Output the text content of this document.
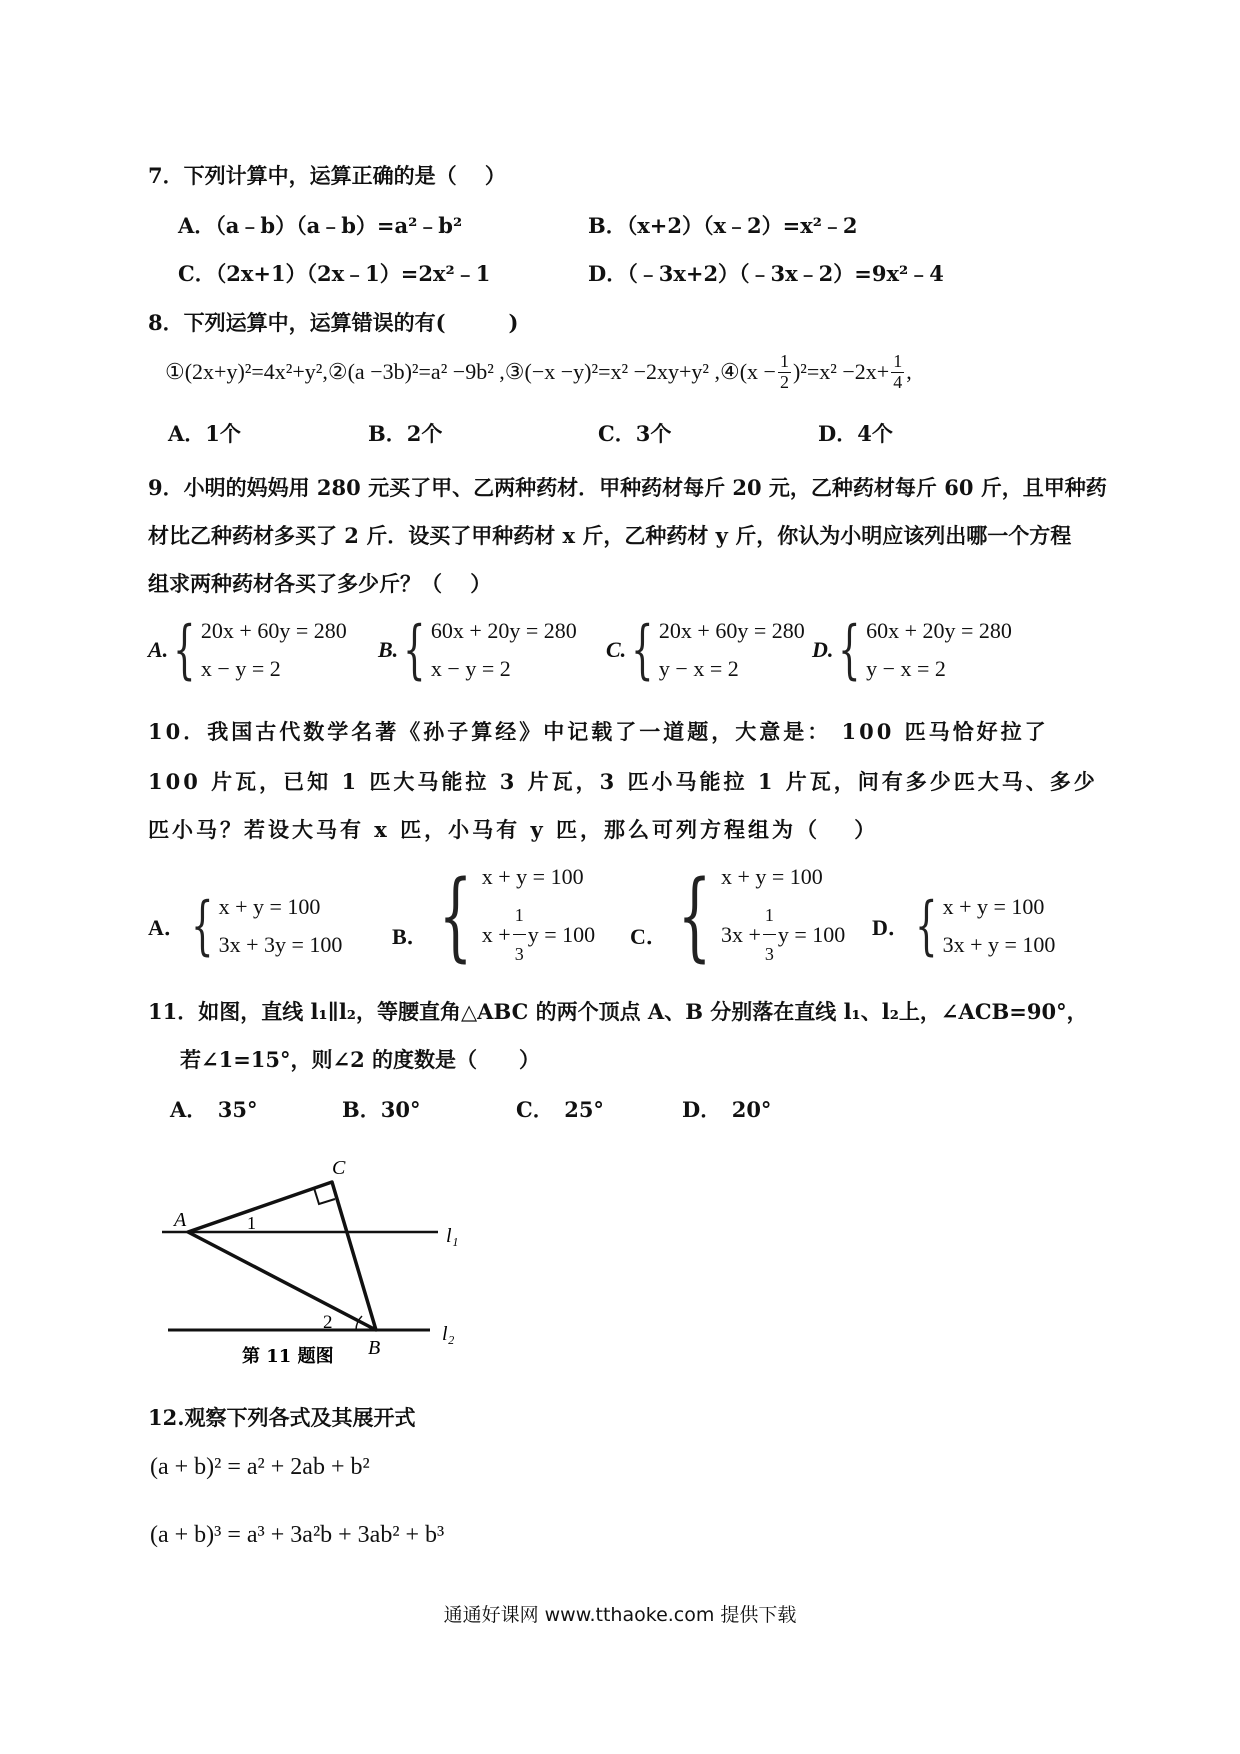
7．下列计算中，运算正确的是（　 ）
A．（a﹣b）（a﹣b）=a²﹣b²	B．（x+2）（x﹣2）=x²﹣2
C．（2x+1）（2x﹣1）=2x²﹣1	D．（﹣3x+2）（﹣3x﹣2）=9x²﹣4
8．下列运算中，运算错误的有(　　　)
①(2x+y)²=4x²+y²,②(a −3b)²=a² −9b² ,③(−x −y)²=x² −2xy+y² ,④(x − $\frac{1}{2} )^2=x^2 -2x+ \frac{1}{4}$ ,
A．1个	B．2个	C．3个	D．4个
9．小明的妈妈用 280 元买了甲、乙两种药材．甲种药材每斤 20 元，乙种药材每斤 60 斤，且甲种药
材比乙种药材多买了 2 斤．设买了甲种药材 x 斤，乙种药材 y 斤，你认为小明应该列出哪一个方程
组求两种药材各买了多少斤？（　 ）
A. { 20x + 60y = 280
x − y = 2
B. { 60x + 20y = 280
x − y = 2
C. { 20x + 60y = 280
y − x = 2
D. { 60x + 20y = 280
y − x = 2
10．我国古代数学名著《孙子算经》中记载了一道题，大意是： 100 匹马恰好拉了
100 片瓦，已知 1 匹大马能拉 3 片瓦，3 匹小马能拉 1 片瓦，问有多少匹大马、多少
匹小马？若设大马有 x 匹，小马有 y 匹，那么可列方程组为（　 ）
A． { x + y = 100
3x + 3y = 100 B． { x + y = 100
$x + \frac{1}{3}$ y = 100 C． { x + y = 100
$3x + \frac{1}{3}$ y = 100 D． { x + y = 100
3x + y = 100
11．如图，直线 l₁∥l₂，等腰直角△ABC 的两个顶点 A、B 分别落在直线 l₁、l₂上，∠ACB=90°，
若∠1=15°，则∠2 的度数是（　　）
A．　35°	B．30°	C．　25°	D．　20°
A
C
B
1
2
l₁
l₂
第 11 题图
12.观察下列各式及其展开式
(a + b)² = a² + 2ab + b²
(a + b)³ = a³ + 3a²b + 3ab² + b³
通通好课网 www.tthaoke.com 提供下载
